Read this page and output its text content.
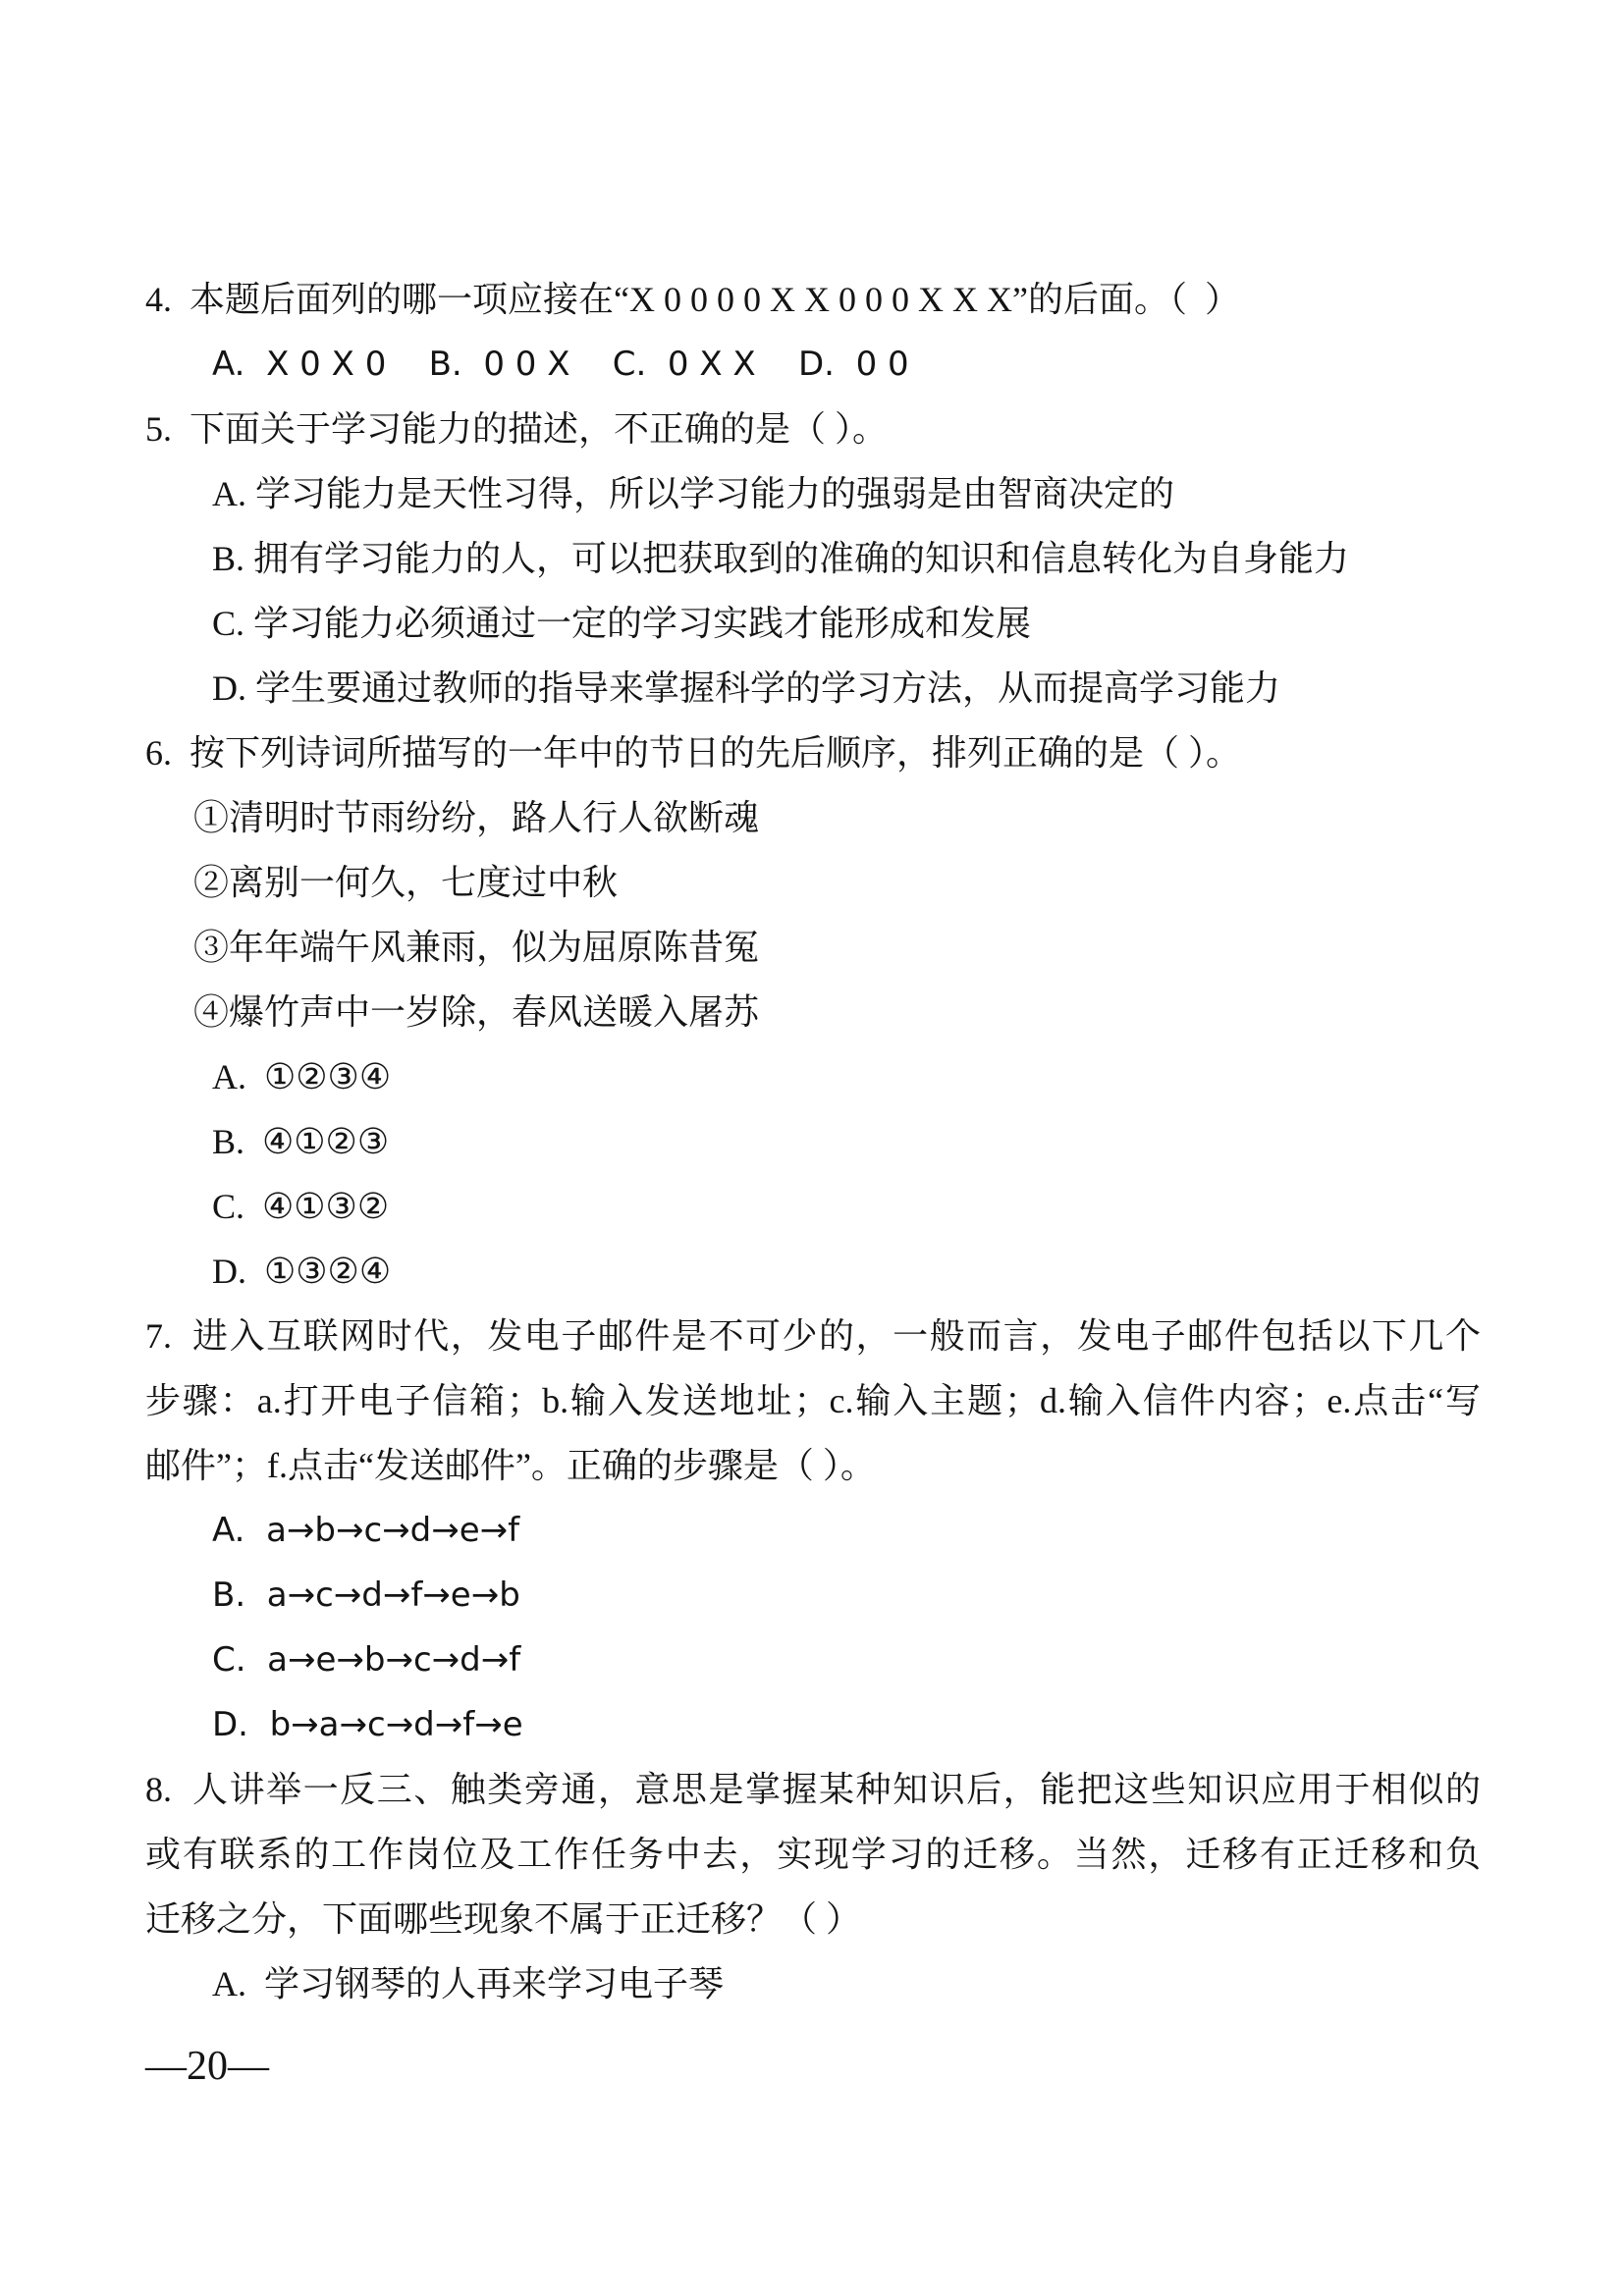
4.  本题后面列的哪一项应接在“X 0 0 0 0 X X 0 0 0 X X X”的后面。（  ）
A.  X 0 X 0    B.  0 0 X    C.  0 X X    D.  0 0
5.  下面关于学习能力的描述，不正确的是（ ）。
A. 学习能力是天性习得，所以学习能力的强弱是由智商决定的
B. 拥有学习能力的人，可以把获取到的准确的知识和信息转化为自身能力
C. 学习能力必须通过一定的学习实践才能形成和发展
D. 学生要通过教师的指导来掌握科学的学习方法，从而提高学习能力
6.  按下列诗词所描写的一年中的节日的先后顺序，排列正确的是（ ）。
①清明时节雨纷纷，路人行人欲断魂
②离别一何久，七度过中秋
③年年端午风兼雨，似为屈原陈昔冤
④爆竹声中一岁除，春风送暖入屠苏
A.  ①②③④
B.  ④①②③
C.  ④①③②
D.  ①③②④
7.  进入互联网时代，发电子邮件是不可少的，一般而言，发电子邮件包括以下几个
步骤：a.打开电子信箱；b.输入发送地址；c.输入主题；d.输入信件内容；e.点击“写
邮件”；f.点击“发送邮件”。正确的步骤是（ ）。
A.  a→b→c→d→e→f
B.  a→c→d→f→e→b
C.  a→e→b→c→d→f
D.  b→a→c→d→f→e
8.  人讲举一反三、触类旁通，意思是掌握某种知识后，能把这些知识应用于相似的
或有联系的工作岗位及工作任务中去，实现学习的迁移。当然，迁移有正迁移和负
迁移之分，下面哪些现象不属于正迁移？（ ）
A.  学习钢琴的人再来学习电子琴
—20—
